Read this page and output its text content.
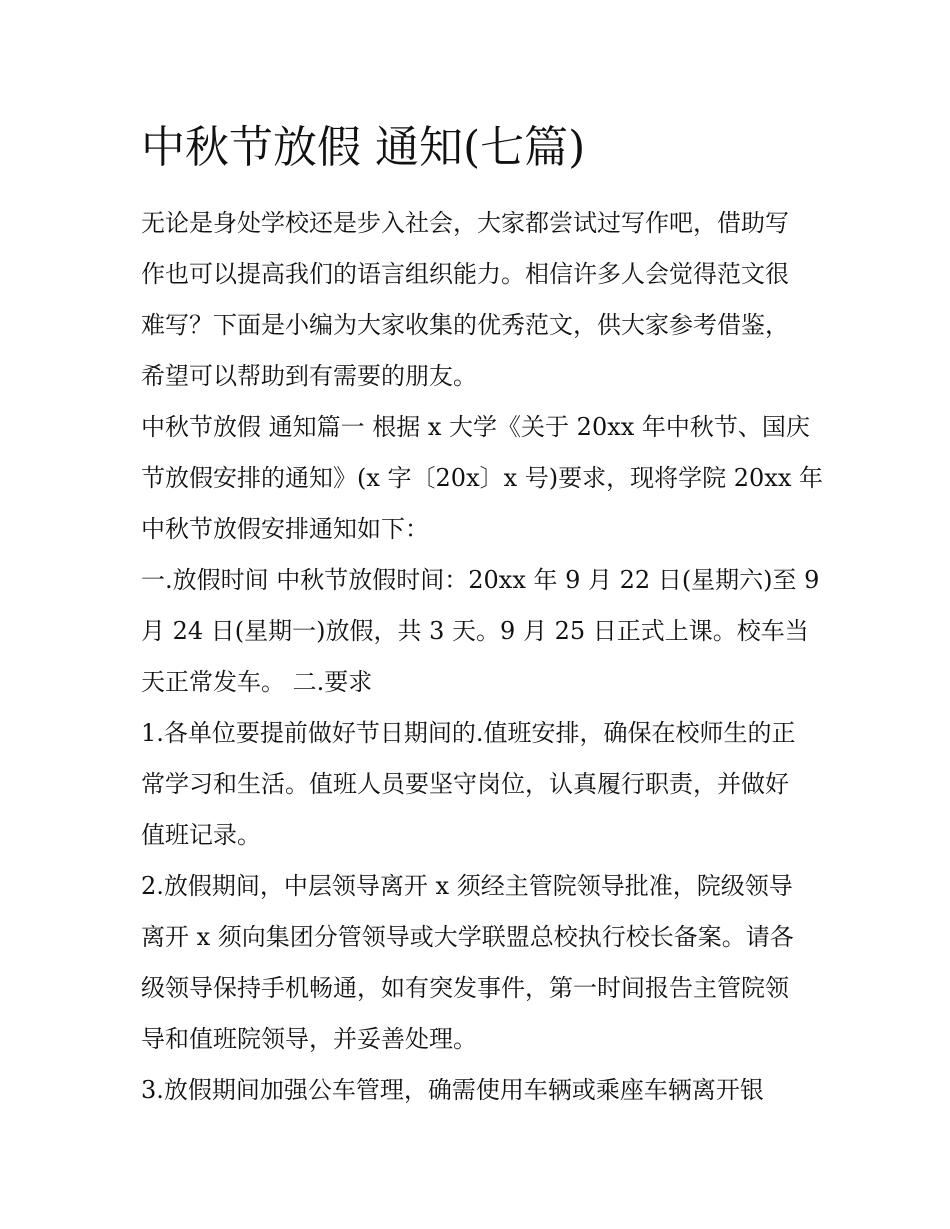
中秋节放假 通知(七篇)
无论是身处学校还是步入社会，大家都尝试过写作吧，借助写
作也可以提高我们的语言组织能力。相信许多人会觉得范文很
难写？下面是小编为大家收集的优秀范文，供大家参考借鉴，
希望可以帮助到有需要的朋友。
中秋节放假 通知篇一 根据 x 大学《关于 20xx 年中秋节、国庆
节放假安排的通知》(x 字〔20x〕x 号)要求，现将学院 20xx 年
中秋节放假安排通知如下：
一.放假时间 中秋节放假时间：20xx 年 9 月 22 日(星期六)至 9
月 24 日(星期一)放假，共 3 天。9 月 25 日正式上课。校车当
天正常发车。 二.要求
1.各单位要提前做好节日期间的.值班安排，确保在校师生的正
常学习和生活。值班人员要坚守岗位，认真履行职责，并做好
值班记录。
2.放假期间，中层领导离开 x 须经主管院领导批准，院级领导
离开 x 须向集团分管领导或大学联盟总校执行校长备案。请各
级领导保持手机畅通，如有突发事件，第一时间报告主管院领
导和值班院领导，并妥善处理。
3.放假期间加强公车管理，确需使用车辆或乘座车辆离开银
